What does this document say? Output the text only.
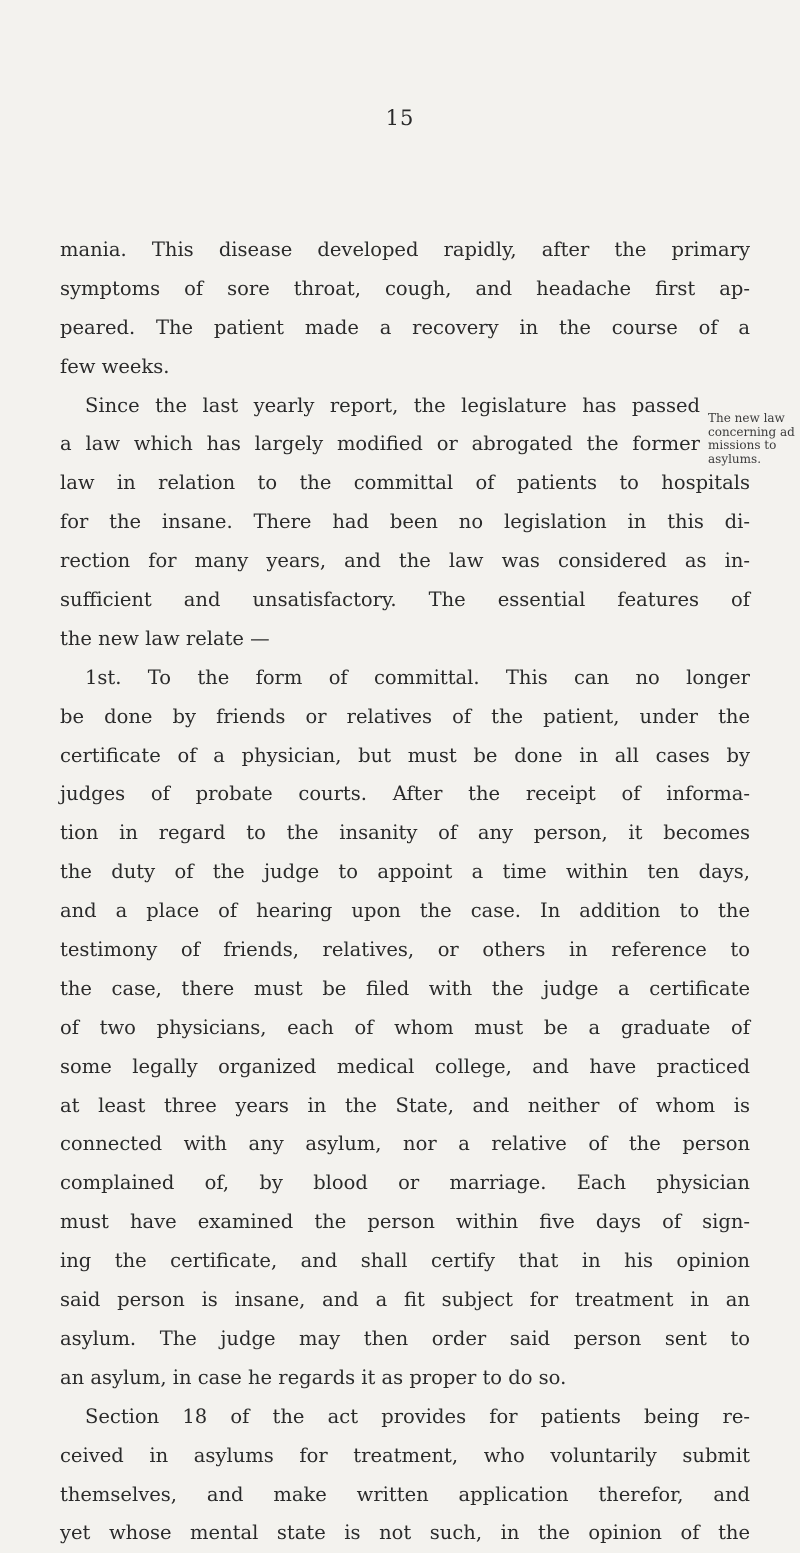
15
The new law
concerning ad
missions to
asylums.
mania. This disease developed rapidly, after the primary
symptoms of sore throat, cough, and headache first ap-
peared. The patient made a recovery in the course of a
few weeks.
Since the last yearly report, the legislature has passed
a law which has largely modified or abrogated the former
law in relation to the committal of patients to hospitals
for the insane. There had been no legislation in this di-
rection for many years, and the law was considered as in-
sufficient and unsatisfactory. The essential features of
the new law relate —
1st. To the form of committal. This can no longer
be done by friends or relatives of the patient, under the
certificate of a physician, but must be done in all cases by
judges of probate courts. After the receipt of informa-
tion in regard to the insanity of any person, it becomes
the duty of the judge to appoint a time within ten days,
and a place of hearing upon the case. In addition to the
testimony of friends, relatives, or others in reference to
the case, there must be filed with the judge a certificate
of two physicians, each of whom must be a graduate of
some legally organized medical college, and have practiced
at least three years in the State, and neither of whom is
connected with any asylum, nor a relative of the person
complained of, by blood or marriage. Each physician
must have examined the person within five days of sign-
ing the certificate, and shall certify that in his opinion
said person is insane, and a fit subject for treatment in an
asylum. The judge may then order said person sent to
an asylum, in case he regards it as proper to do so.
Section 18 of the act provides for patients being re-
ceived in asylums for treatment, who voluntarily submit
themselves, and make written application therefor, and
yet whose mental state is not such, in the opinion of the
